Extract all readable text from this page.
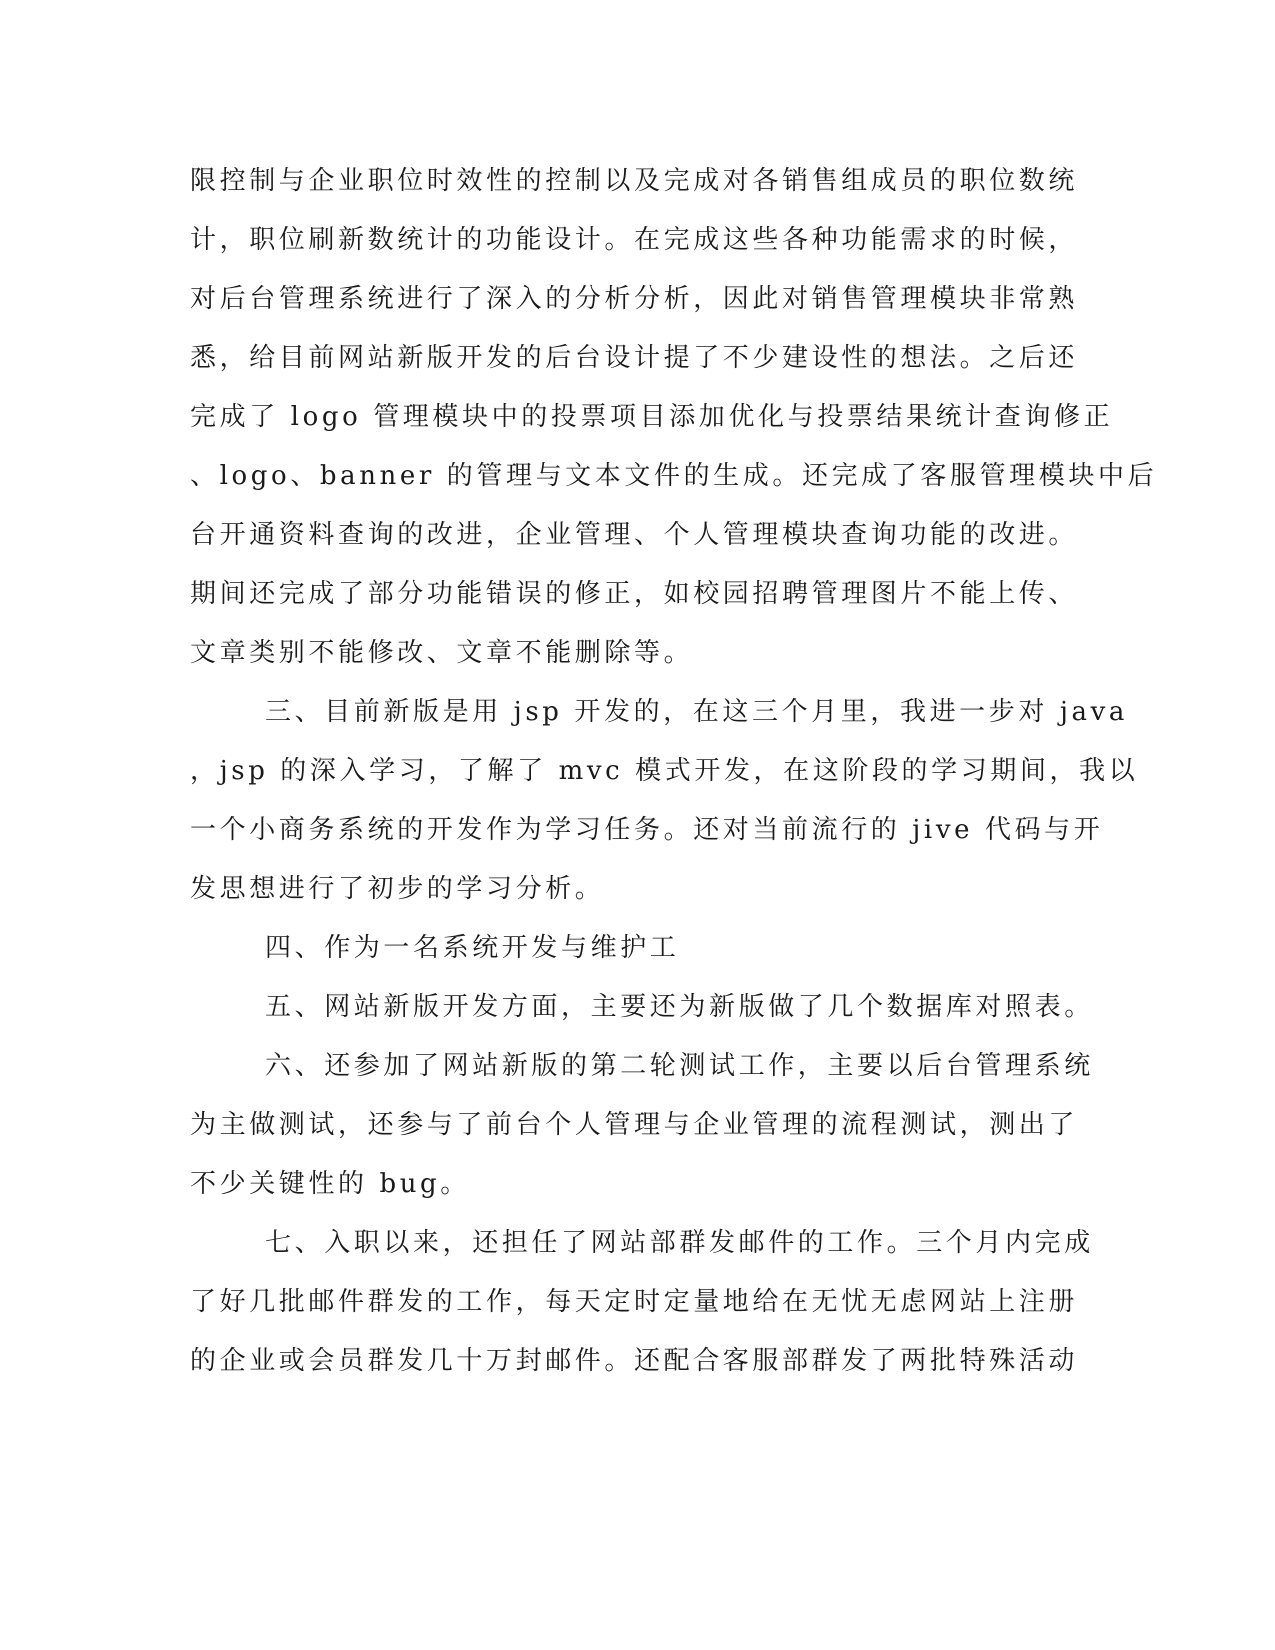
限控制与企业职位时效性的控制以及完成对各销售组成员的职位数统
计，职位刷新数统计的功能设计。在完成这些各种功能需求的时候，
对后台管理系统进行了深入的分析分析，因此对销售管理模块非常熟
悉，给目前网站新版开发的后台设计提了不少建设性的想法。之后还
完成了 logo 管理模块中的投票项目添加优化与投票结果统计查询修正
、logo、banner 的管理与文本文件的生成。还完成了客服管理模块中后
台开通资料查询的改进，企业管理、个人管理模块查询功能的改进。
期间还完成了部分功能错误的修正，如校园招聘管理图片不能上传、
文章类别不能修改、文章不能删除等。
三、目前新版是用 jsp 开发的，在这三个月里，我进一步对 java
，jsp 的深入学习，了解了 mvc 模式开发，在这阶段的学习期间，我以
一个小商务系统的开发作为学习任务。还对当前流行的 jive 代码与开
发思想进行了初步的学习分析。
四、作为一名系统开发与维护工
五、网站新版开发方面，主要还为新版做了几个数据库对照表。
六、还参加了网站新版的第二轮测试工作，主要以后台管理系统
为主做测试，还参与了前台个人管理与企业管理的流程测试，测出了
不少关键性的 bug。
七、入职以来，还担任了网站部群发邮件的工作。三个月内完成
了好几批邮件群发的工作，每天定时定量地给在无忧无虑网站上注册
的企业或会员群发几十万封邮件。还配合客服部群发了两批特殊活动
